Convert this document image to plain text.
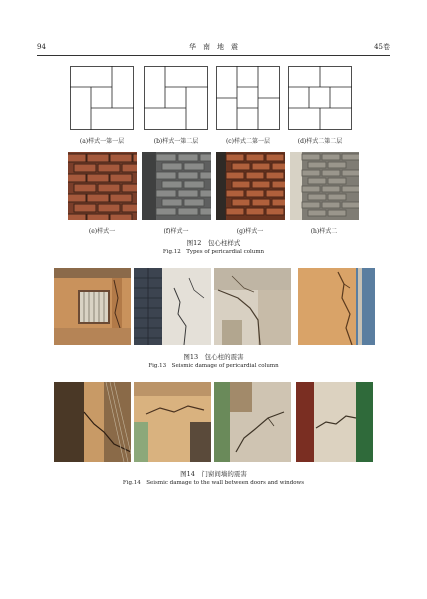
94	华　南　地　震	45卷
(a)样式一第一层	(b)样式一第二层	(c)样式二第一层	(d)样式二第二层
(e)样式一	(f)样式一	(g)样式一	(h)样式二
图12　包心柱样式
Fig.12　Types of pericardial column
图13　包心柱的震害
Fig.13　Seismic damage of pericardial column
图14　门窗间墙的震害
Fig.14　Seismic damage to the wall between doors and windows
